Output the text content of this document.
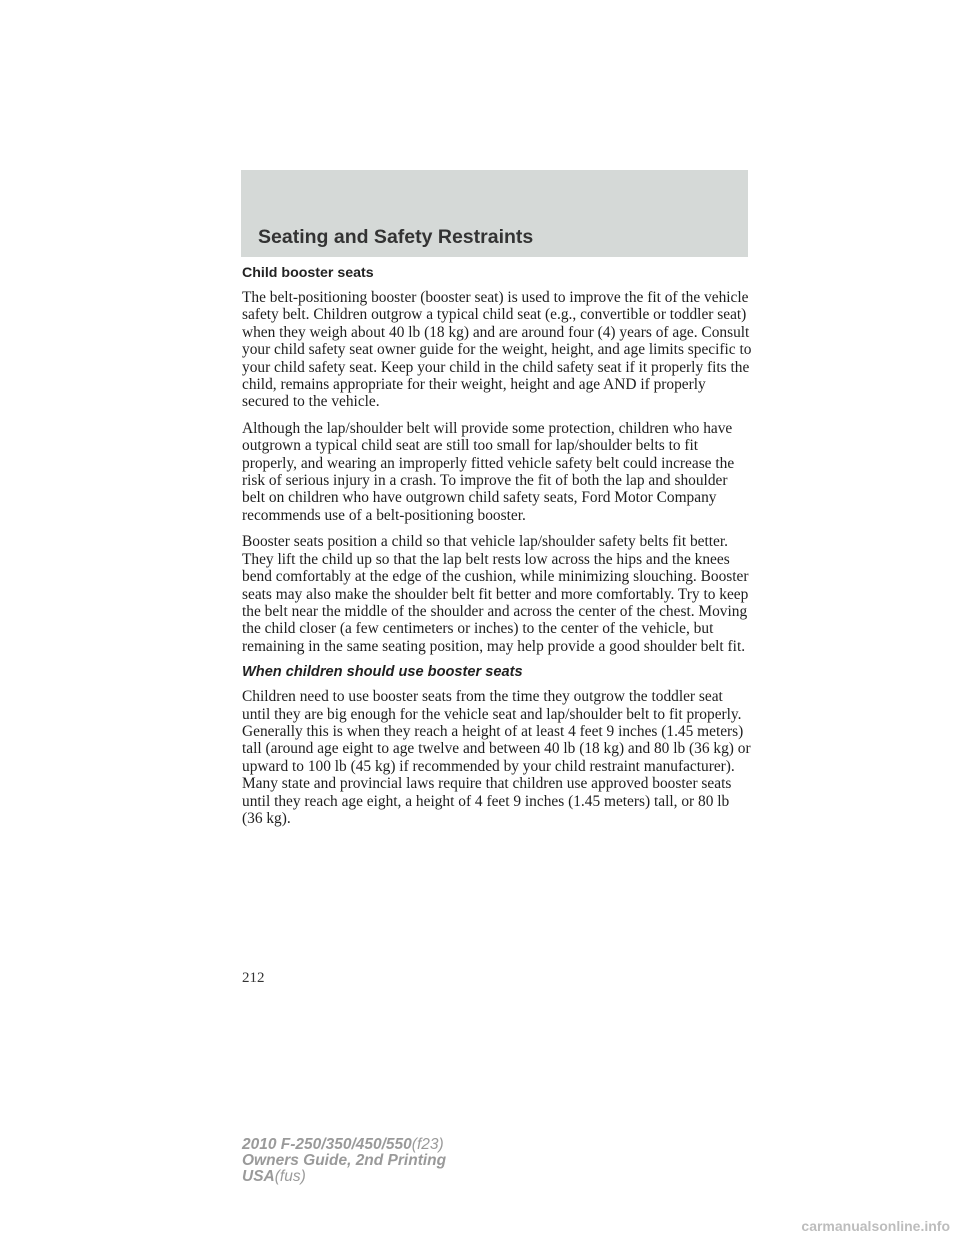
Seating and Safety Restraints

Child booster seats

The belt-positioning booster (booster seat) is used to improve the fit of the vehicle safety belt. Children outgrow a typical child seat (e.g., convertible or toddler seat) when they weigh about 40 lb (18 kg) and are around four (4) years of age. Consult your child safety seat owner guide for the weight, height, and age limits specific to your child safety seat. Keep your child in the child safety seat if it properly fits the child, remains appropriate for their weight, height and age AND if properly secured to the vehicle.

Although the lap/shoulder belt will provide some protection, children who have outgrown a typical child seat are still too small for lap/shoulder belts to fit properly, and wearing an improperly fitted vehicle safety belt could increase the risk of serious injury in a crash. To improve the fit of both the lap and shoulder belt on children who have outgrown child safety seats, Ford Motor Company recommends use of a belt-positioning booster.

Booster seats position a child so that vehicle lap/shoulder safety belts fit better. They lift the child up so that the lap belt rests low across the hips and the knees bend comfortably at the edge of the cushion, while minimizing slouching. Booster seats may also make the shoulder belt fit better and more comfortably. Try to keep the belt near the middle of the shoulder and across the center of the chest. Moving the child closer (a few centimeters or inches) to the center of the vehicle, but remaining in the same seating position, may help provide a good shoulder belt fit.

When children should use booster seats

Children need to use booster seats from the time they outgrow the toddler seat until they are big enough for the vehicle seat and lap/shoulder belt to fit properly. Generally this is when they reach a height of at least 4 feet 9 inches (1.45 meters) tall (around age eight to age twelve and between 40 lb (18 kg) and 80 lb (36 kg) or upward to 100 lb (45 kg) if recommended by your child restraint manufacturer). Many state and provincial laws require that children use approved booster seats until they reach age eight, a height of 4 feet 9 inches (1.45 meters) tall, or 80 lb (36 kg).

212
2010 F-250/350/450/550(f23)
Owners Guide, 2nd Printing
USA(fus)
carmanualsonline.info
